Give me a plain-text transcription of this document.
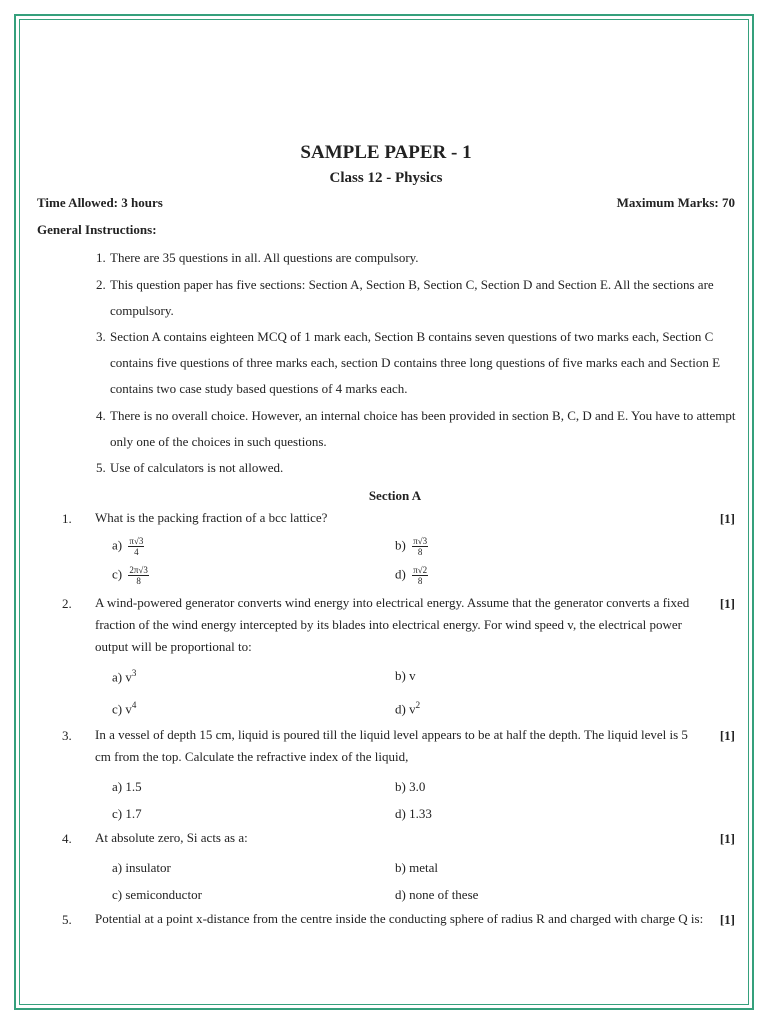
SAMPLE PAPER - 1
Class 12 - Physics
Time Allowed: 3 hours	Maximum Marks: 70
General Instructions:
1. There are 35 questions in all. All questions are compulsory.
2. This question paper has five sections: Section A, Section B, Section C, Section D and Section E. All the sections are compulsory.
3. Section A contains eighteen MCQ of 1 mark each, Section B contains seven questions of two marks each, Section C contains five questions of three marks each, section D contains three long questions of five marks each and Section E contains two case study based questions of 4 marks each.
4. There is no overall choice. However, an internal choice has been provided in section B, C, D and E. You have to attempt only one of the choices in such questions.
5. Use of calculators is not allowed.
Section A
1. What is the packing fraction of a bcc lattice?	[1]
$a) \frac{\pi√3}{4}$	$b) \frac{\pi√3}{8}$
$c) \frac{2\pi√3}{8}$	$d) \frac{\pi√2}{8}$
2. A wind-powered generator converts wind energy into electrical energy. Assume that the generator converts a fixed fraction of the wind energy intercepted by its blades into electrical energy. For wind speed v, the electrical power output will be proportional to:
[1]
a) $v^3$	b) v
c) $v^4$	d) $v^2$
3. In a vessel of depth 15 cm, liquid is poured till the liquid level appears to be at half the depth. The liquid level is 5 cm from the top. Calculate the refractive index of the liquid,
[1]
a) 1.5	b) 3.0
c) 1.7	d) 1.33
4. At absolute zero, Si acts as a:	[1]
a) insulator	b) metal
c) semiconductor	d) none of these
5. Potential at a point x-distance from the centre inside the conducting sphere of radius R and charged with charge Q is: [1]
